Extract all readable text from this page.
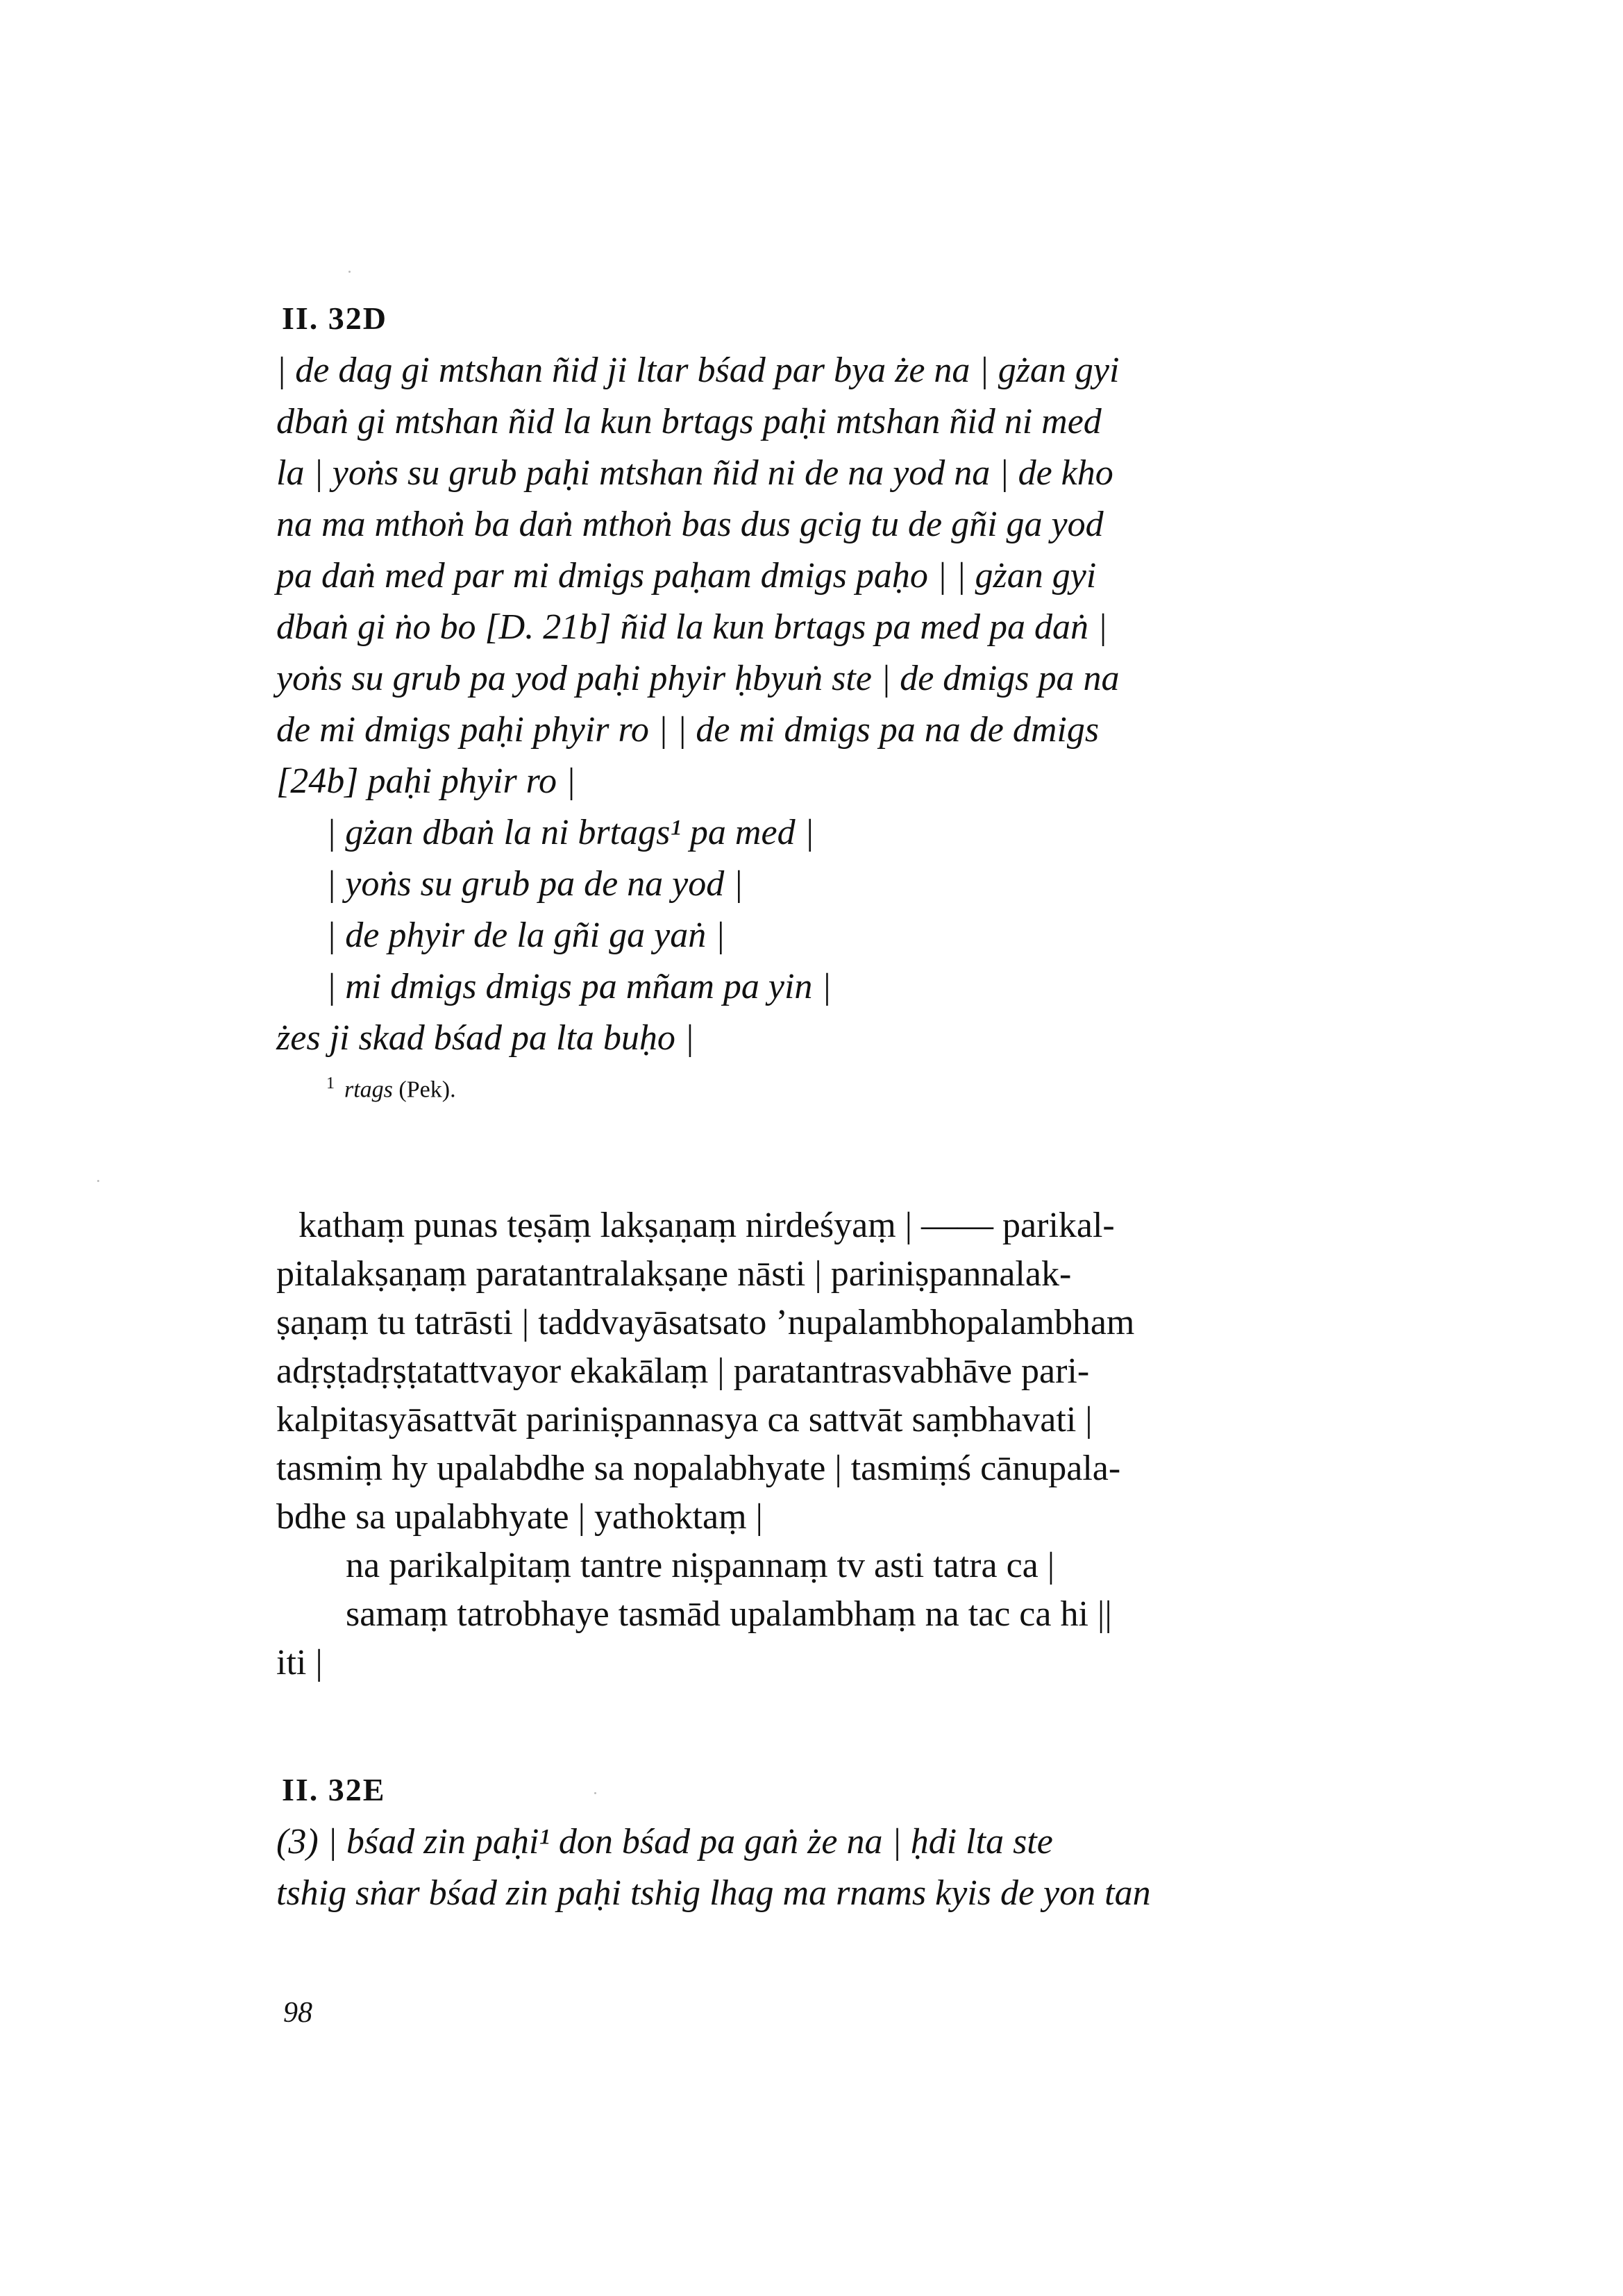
II. 32D
| de dag gi mtshan ñid ji ltar bśad par bya że na | gżan gyi
dbaṅ gi mtshan ñid la kun brtags paḥi mtshan ñid ni med
la | yoṅs su grub paḥi mtshan ñid ni de na yod na | de kho
na ma mthoṅ ba daṅ mthoṅ bas dus gcig tu de gñi ga yod
pa daṅ med par mi dmigs paḥam dmigs paḥo | | gżan gyi
dbaṅ gi ṅo bo [D. 21b] ñid la kun brtags pa med pa daṅ |
yoṅs su grub pa yod paḥi phyir ḥbyuṅ ste | de dmigs pa na
de mi dmigs paḥi phyir ro | | de mi dmigs pa na de dmigs
[24b] paḥi phyir ro |
| gżan dbaṅ la ni brtags¹ pa med |
| yoṅs su grub pa de na yod |
| de phyir de la gñi ga yaṅ |
| mi dmigs dmigs pa mñam pa yin |
żes ji skad bśad pa lta buḥo |
$^1$ rtags (Pek).
kathaṃ punas teṣāṃ lakṣaṇaṃ nirdeśyaṃ | —— parikal-
pitalakṣaṇaṃ paratantralakṣaṇe nāsti | pariniṣpannalak-
ṣaṇaṃ tu tatrāsti | taddvayāsatsato ’nupalambhopalambham
adṛṣṭadṛṣṭatattvayor ekakālaṃ | paratantrasvabhāve pari-
kalpitasyāsattvāt pariniṣpannasya ca sattvāt saṃbhavati |
tasmiṃ hy upalabdhe sa nopalabhyate | tasmiṃś cānupala-
bdhe sa upalabhyate | yathoktaṃ |
na parikalpitaṃ tantre niṣpannaṃ tv asti tatra ca |
samaṃ tatrobhaye tasmād upalambhaṃ na tac ca hi ||
iti |
II. 32E
(3) | bśad zin paḥi¹ don bśad pa gaṅ że na | ḥdi lta ste
tshig sṅar bśad zin paḥi tshig lhag ma rnams kyis de yon tan
98
